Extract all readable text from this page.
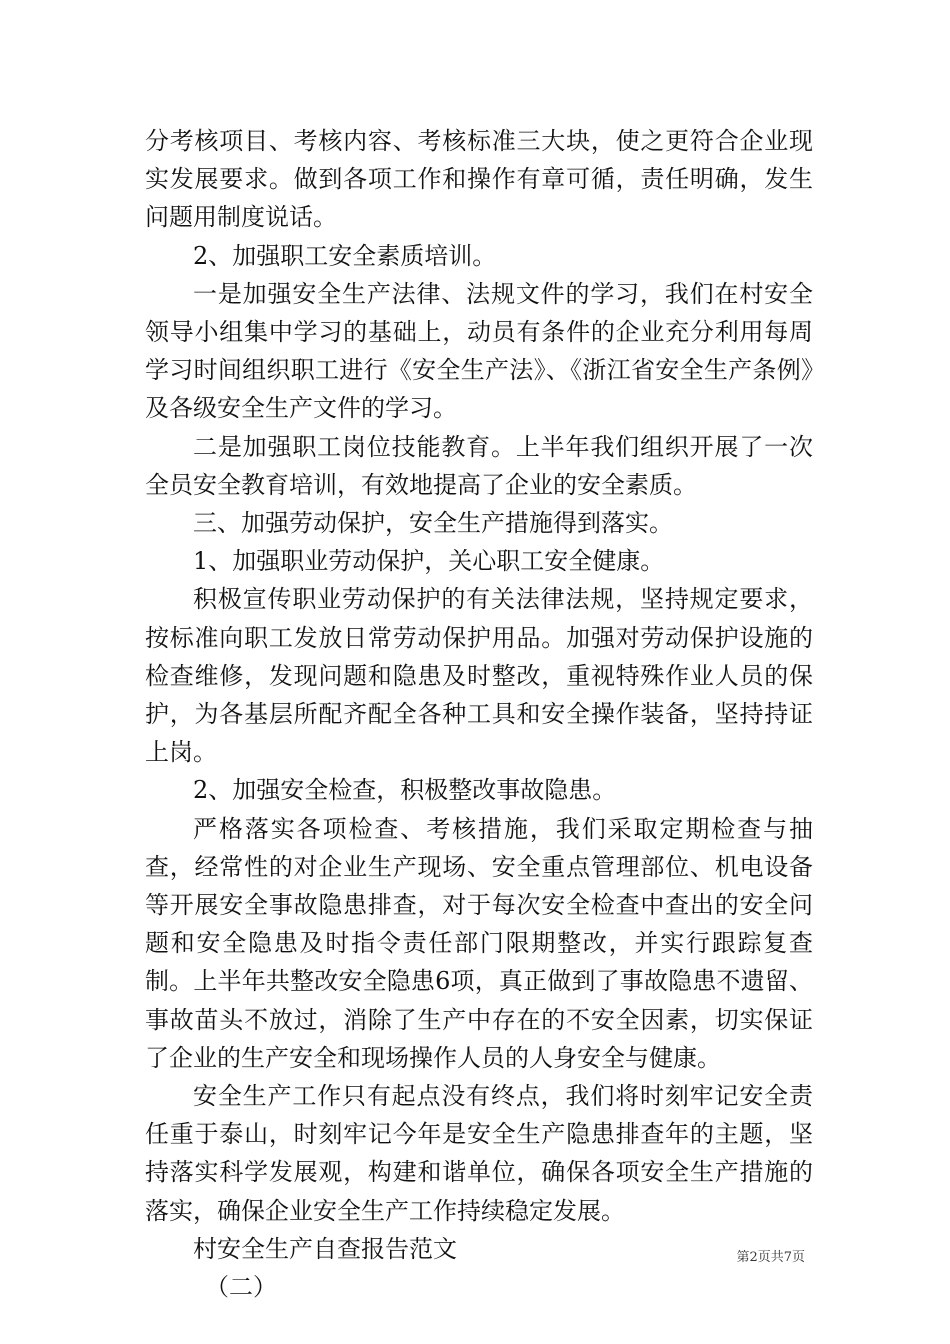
分考核项目、考核内容、考核标准三大块，使之更符合企业现实发展要求。做到各项工作和操作有章可循，责任明确，发生问题用制度说话。

2、加强职工安全素质培训。

一是加强安全生产法律、法规文件的学习，我们在村安全领导小组集中学习的基础上，动员有条件的企业充分利用每周学习时间组织职工进行《安全生产法》、《浙江省安全生产条例》及各级安全生产文件的学习。

二是加强职工岗位技能教育。上半年我们组织开展了一次全员安全教育培训，有效地提高了企业的安全素质。

三、加强劳动保护，安全生产措施得到落实。

1、加强职业劳动保护，关心职工安全健康。

积极宣传职业劳动保护的有关法律法规，坚持规定要求，按标准向职工发放日常劳动保护用品。加强对劳动保护设施的检查维修，发现问题和隐患及时整改，重视特殊作业人员的保护，为各基层所配齐配全各种工具和安全操作装备，坚持持证上岗。

2、加强安全检查，积极整改事故隐患。

严格落实各项检查、考核措施，我们采取定期检查与抽查，经常性的对企业生产现场、安全重点管理部位、机电设备等开展安全事故隐患排查，对于每次安全检查中查出的安全问题和安全隐患及时指令责任部门限期整改，并实行跟踪复查制。上半年共整改安全隐患6项，真正做到了事故隐患不遗留、事故苗头不放过，消除了生产中存在的不安全因素，切实保证了企业的生产安全和现场操作人员的人身安全与健康。

安全生产工作只有起点没有终点，我们将时刻牢记安全责任重于泰山，时刻牢记今年是安全生产隐患排查年的主题，坚持落实科学发展观，构建和谐单位，确保各项安全生产措施的落实，确保企业安全生产工作持续稳定发展。

村安全生产自查报告范文

（二）

第2页共7页
